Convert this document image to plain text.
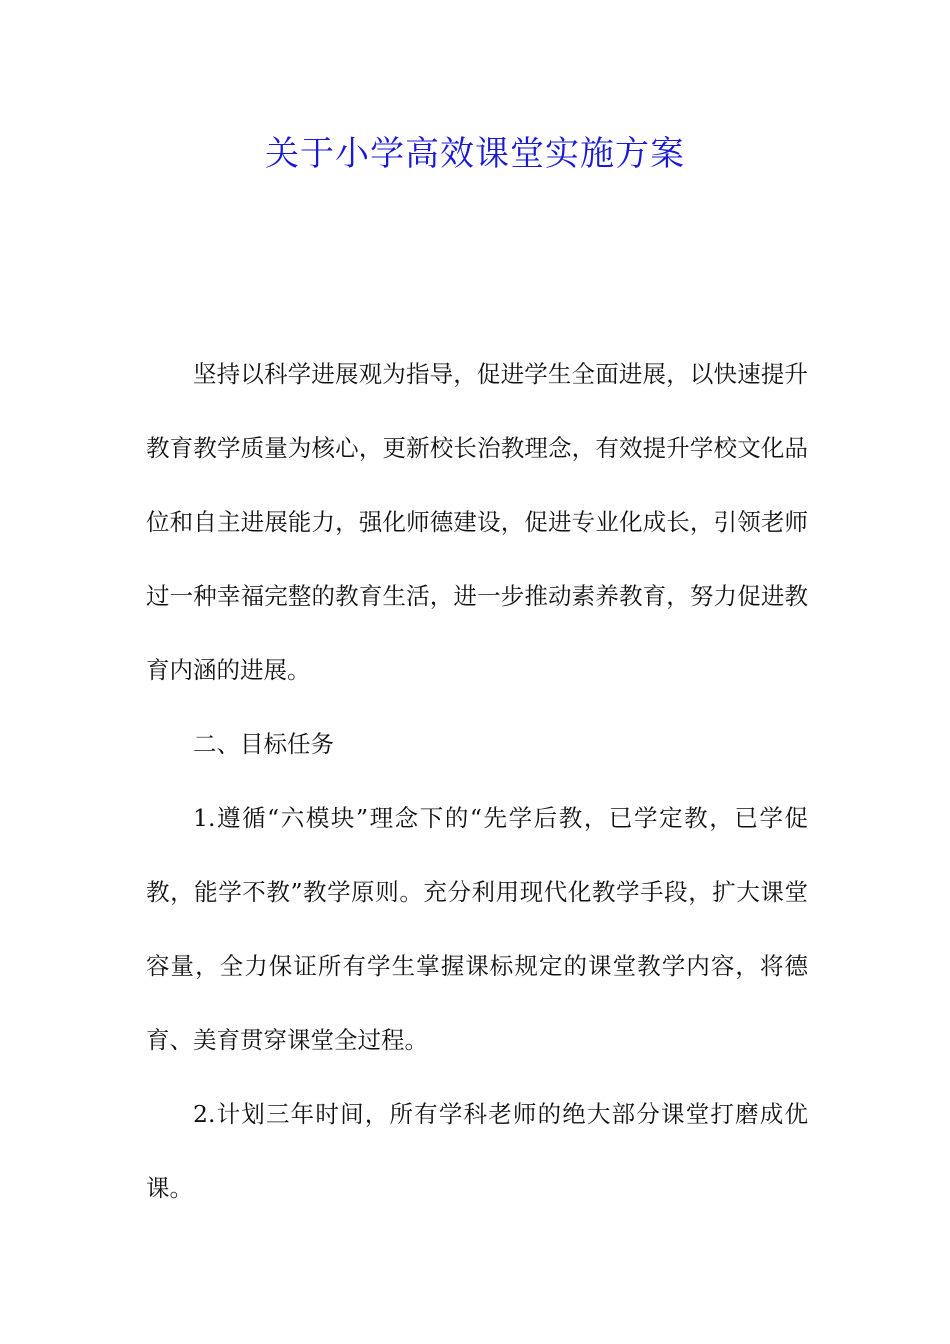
关于小学高效课堂实施方案

坚持以科学进展观为指导，促进学生全面进展，以快速提升教育教学质量为核心，更新校长治教理念，有效提升学校文化品位和自主进展能力，强化师德建设，促进专业化成长，引领老师过一种幸福完整的教育生活，进一步推动素养教育，努力促进教育内涵的进展。

二、目标任务

1.遵循“六模块”理念下的“先学后教，已学定教，已学促教，能学不教”教学原则。充分利用现代化教学手段，扩大课堂容量，全力保证所有学生掌握课标规定的课堂教学内容，将德育、美育贯穿课堂全过程。

2.计划三年时间，所有学科老师的绝大部分课堂打磨成优课。
